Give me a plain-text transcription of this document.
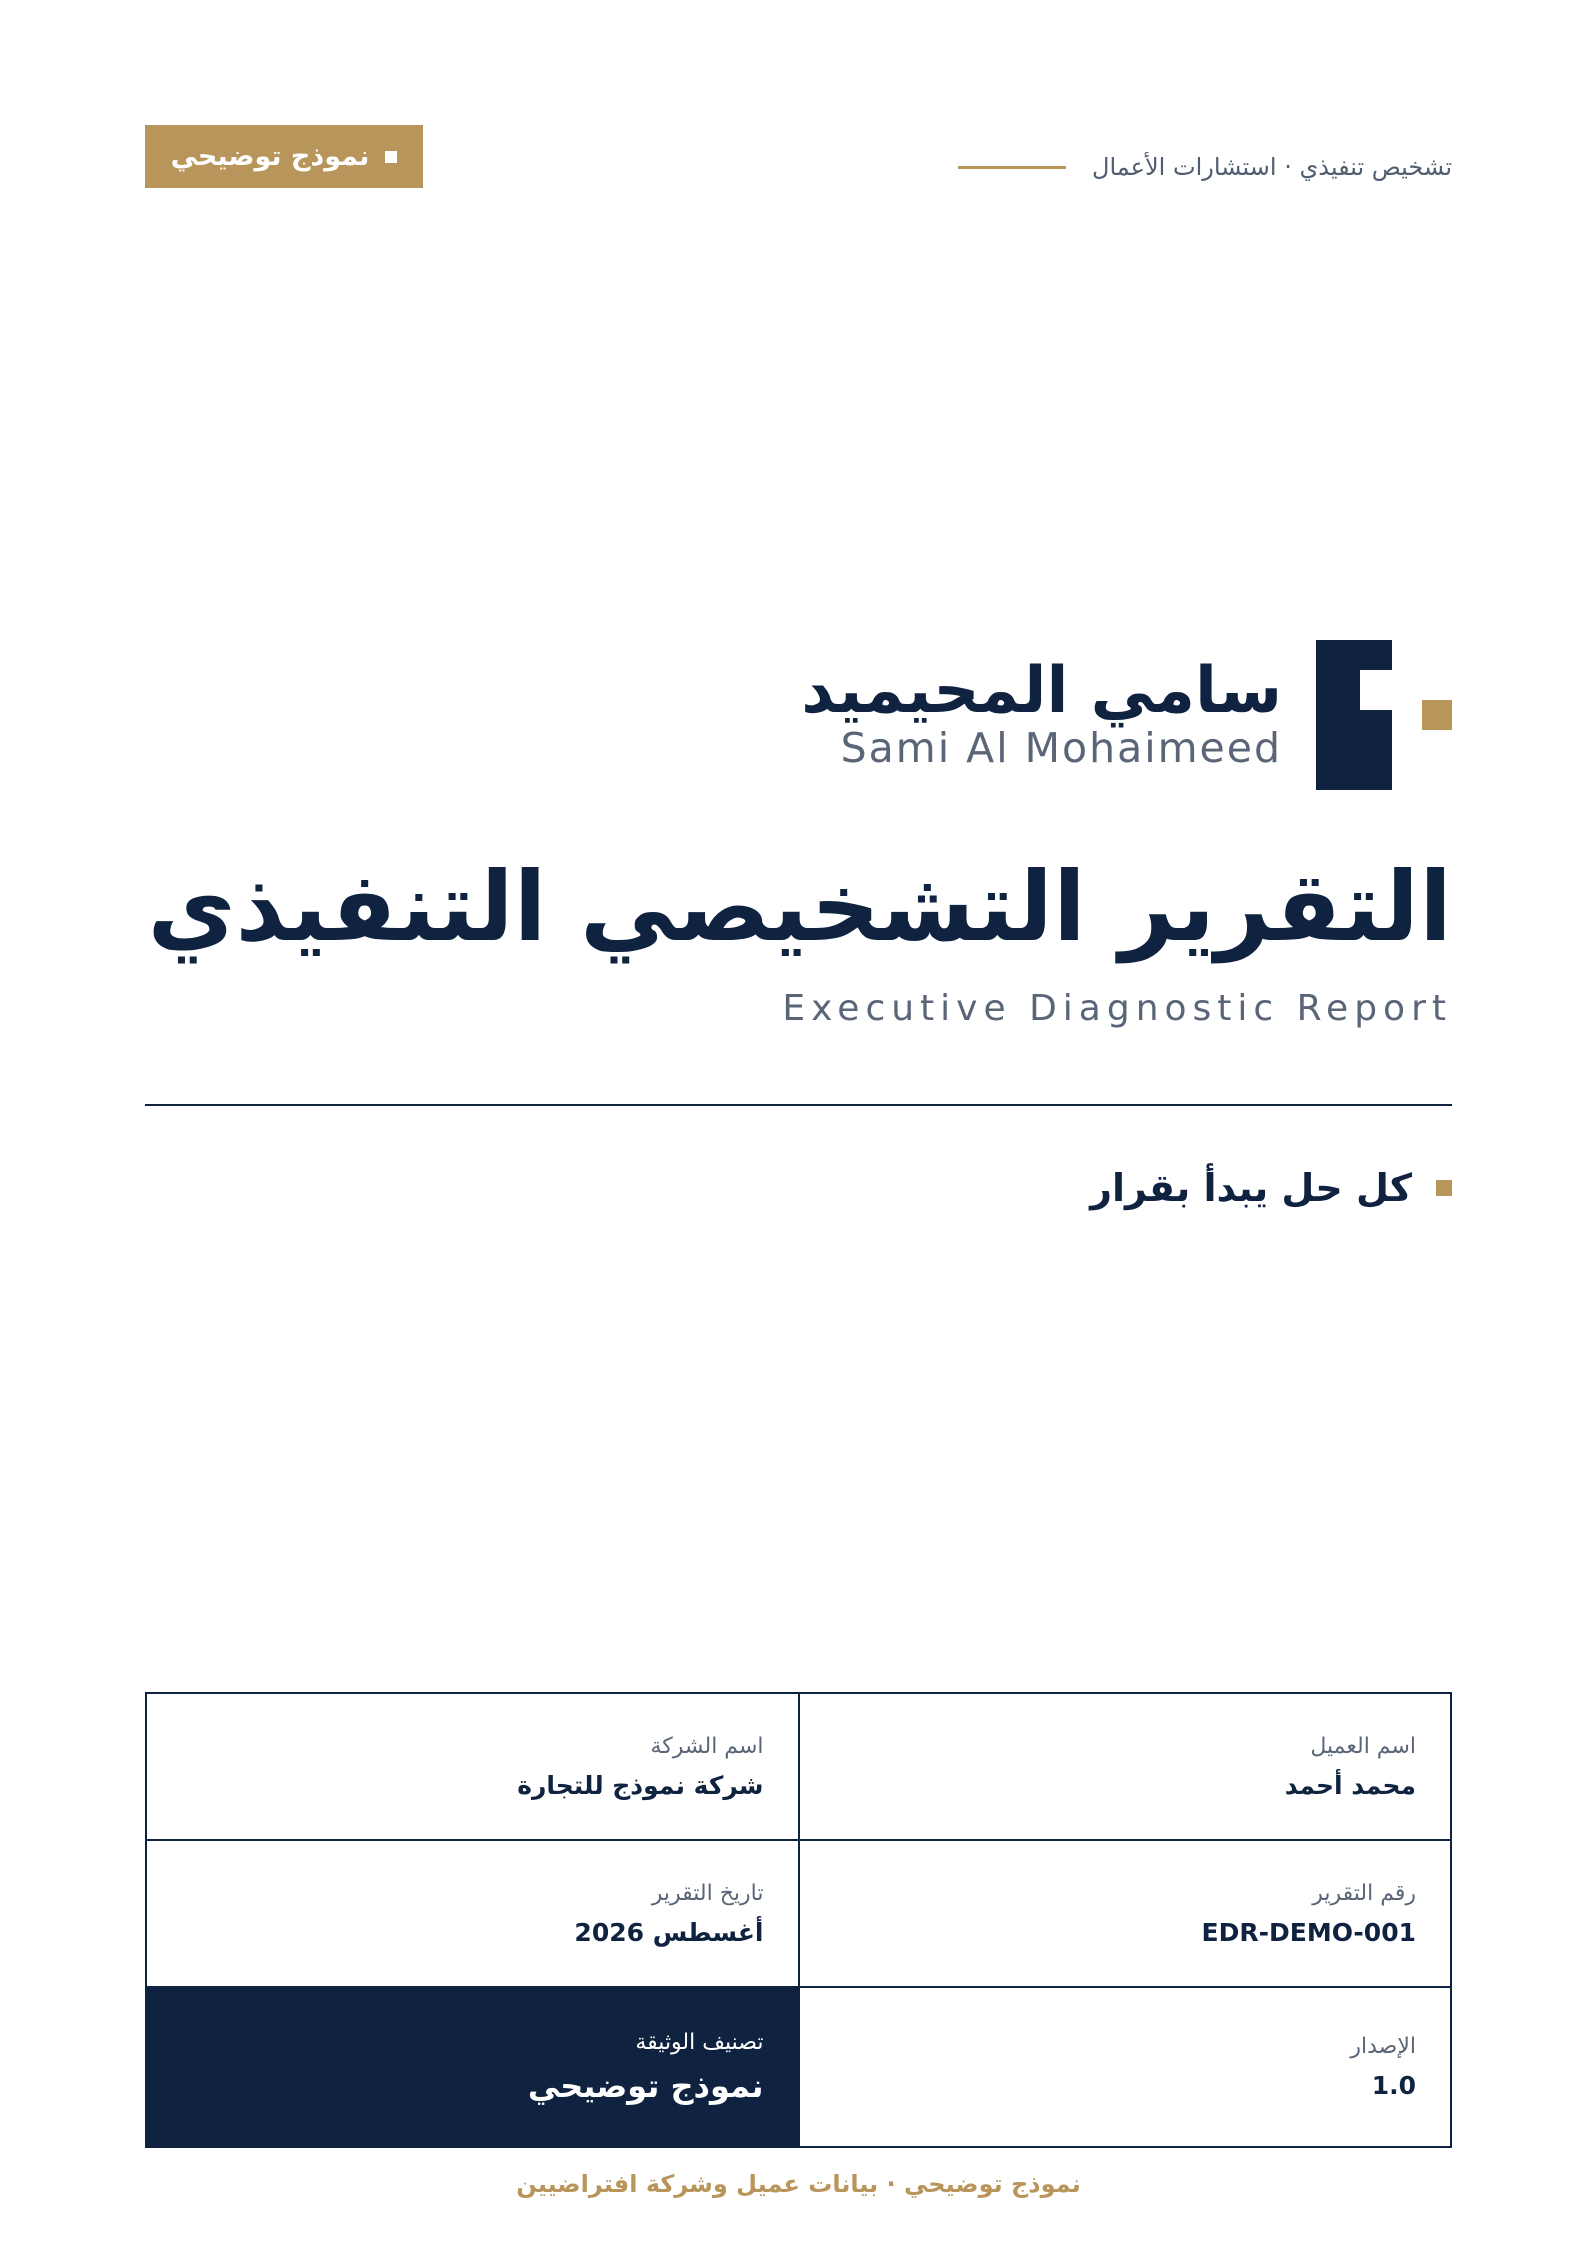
تشخيص تنفيذي · استشارات الأعمال
نموذج توضيحي
سامي المحيميد
Sami Al Mohaimeed
التقرير التشخيصي التنفيذي
Executive Diagnostic Report
كل حل يبدأ بقرار
اسم العميل
محمد أحمد
اسم الشركة
شركة نموذج للتجارة
رقم التقرير
EDR-DEMO-001
تاريخ التقرير
أغسطس 2026
الإصدار
1.0
تصنيف الوثيقة
نموذج توضيحي
نموذج توضيحي · بيانات عميل وشركة افتراضيين
